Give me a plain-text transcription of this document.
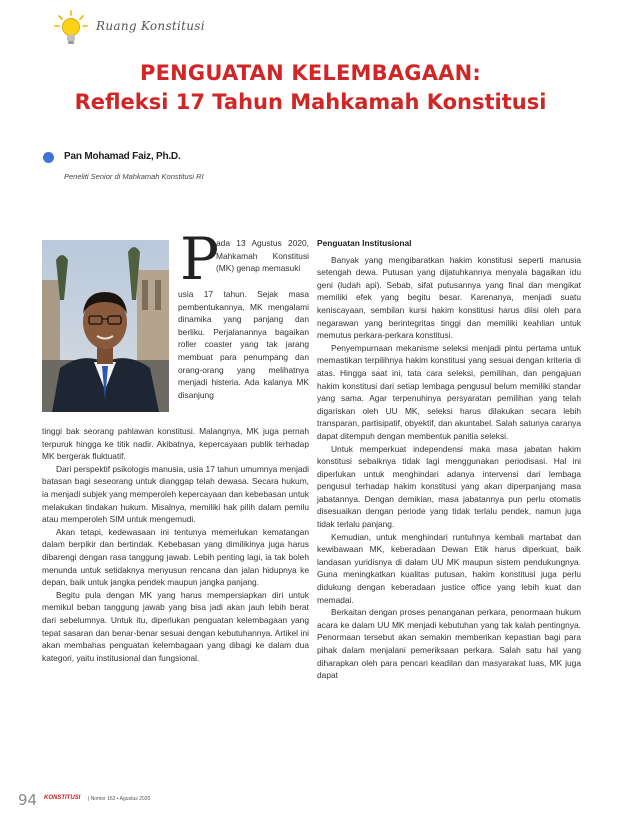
Ruang Konstitusi
PENGUATAN KELEMBAGAAN:
Refleksi 17 Tahun Mahkamah Konstitusi
Pan Mohamad Faiz, Ph.D.
Peneliti Senior di Mahkamah Konstitusi RI
P

ada 13 Agustus 2020, Mahkamah Konstitusi (MK) genap memasuki

usia 17 tahun. Sejak masa pembentukannya, MK mengalami dinamika yang panjang dan berliku. Perjalanannya bagaikan roller coaster yang tak jarang membuat para penumpang dan orang-orang yang melihatnya menjadi histeria. Ada kalanya MK disanjung

tinggi bak seorang pahlawan konstitusi. Malangnya, MK juga pernah terpuruk hingga ke titik nadir. Akibatnya, kepercayaan publik terhadap MK bergerak fluktuatif.

Dari perspektif psikologis manusia, usia 17 tahun umumnya menjadi batasan bagi seseorang untuk dianggap telah dewasa. Secara hukum, ia menjadi subjek yang memperoleh kepercayaan dan kebebasan untuk melakukan tindakan hukum. Misalnya, memiliki hak pilih dalam pemilu atau memperoleh SIM untuk mengemudi.

Akan tetapi, kedewasaan ini tentunya memerlukan kematangan dalam berpikir dan bertindak. Kebebasan yang dimilikinya juga harus dibarengi dengan rasa tanggung jawab. Lebih penting lagi, ia tak boleh menunda untuk setidaknya menyusun rencana dan jalan hidupnya ke depan, baik untuk jangka pendek maupun jangka panjang.

Begitu pula dengan MK yang harus mempersiapkan diri untuk memikul beban tanggung jawab yang bisa jadi akan jauh lebih berat dari sebelumnya. Untuk itu, diperlukan penguatan kelembagaan yang tepat sasaran dan benar-benar sesuai dengan kebutuhannya. Artikel ini akan membahas penguatan kelembagaan yang dibagi ke dalam dua kategori, yaitu institusional dan fungsional.

Penguatan Institusional

Banyak yang mengibaratkan hakim konstitusi seperti manusia setengah dewa. Putusan yang dijatuhkannya menyala bagaikan idu geni (ludah api). Sebab, sifat putusannya yang final dan mengikat memiliki efek yang begitu besar. Karenanya, menjadi suatu keniscayaan, sembilan kursi hakim konstitusi harus diisi oleh para negarawan yang berintegritas tinggi dan memiliki keahlian untuk memutus perkara-perkara konstitusi.

Penyempurnaan mekanisme seleksi menjadi pintu pertama untuk memastikan terpilihnya hakim konstitusi yang sesuai dengan kriteria di atas. Hingga saat ini, tata cara seleksi, pemilihan, dan pengajuan hakim konstitusi dari setiap lembaga pengusul belum memiliki standar yang sama. Agar terpenuhinya persyaratan pemilihan yang telah digariskan oleh UU MK, seleksi harus dilakukan secara lebih transparan, partisipatif, obyektif, dan akuntabel. Salah satunya caranya dapat ditempuh dengan membentuk panitia seleksi.

Untuk memperkuat independensi maka masa jabatan hakim konstitusi sebaiknya tidak lagi menggunakan periodisasi. Hal ini diperlukan untuk menghindari adanya intervensi dari lembaga pengusul terhadap hakim konstitusi yang akan diperpanjang masa jabatannya. Dengan demikian, masa jabatannya pun perlu otomatis disesuaikan dengan periode yang tidak terlalu pendek, namun juga tidak terlalu panjang.

Kemudian, untuk menghindari runtuhnya kembali martabat dan kewibawaan MK, keberadaan Dewan Etik harus diperkuat, baik landasan yuridisnya di dalam UU MK maupun sistem pendukungnya. Guna meningkatkan kualitas putusan, hakim konstitusi juga perlu didukung dengan keberadaan justice office yang lebih kuat dan memadai.

Berkaitan dengan proses penanganan perkara, penormaan hukum acara ke dalam UU MK menjadi kebutuhan yang tak kalah pentingnya. Penormaan tersebut akan semakin memberikan kepastian bagi para pihak dalam menjalani pemeriksaan perkara. Salah satu hal yang diharapkan oleh para pencari keadilan dan masyarakat luas, MK juga dapat

94 KONSTITUSI | Nomor 162 • Agustus 2020
